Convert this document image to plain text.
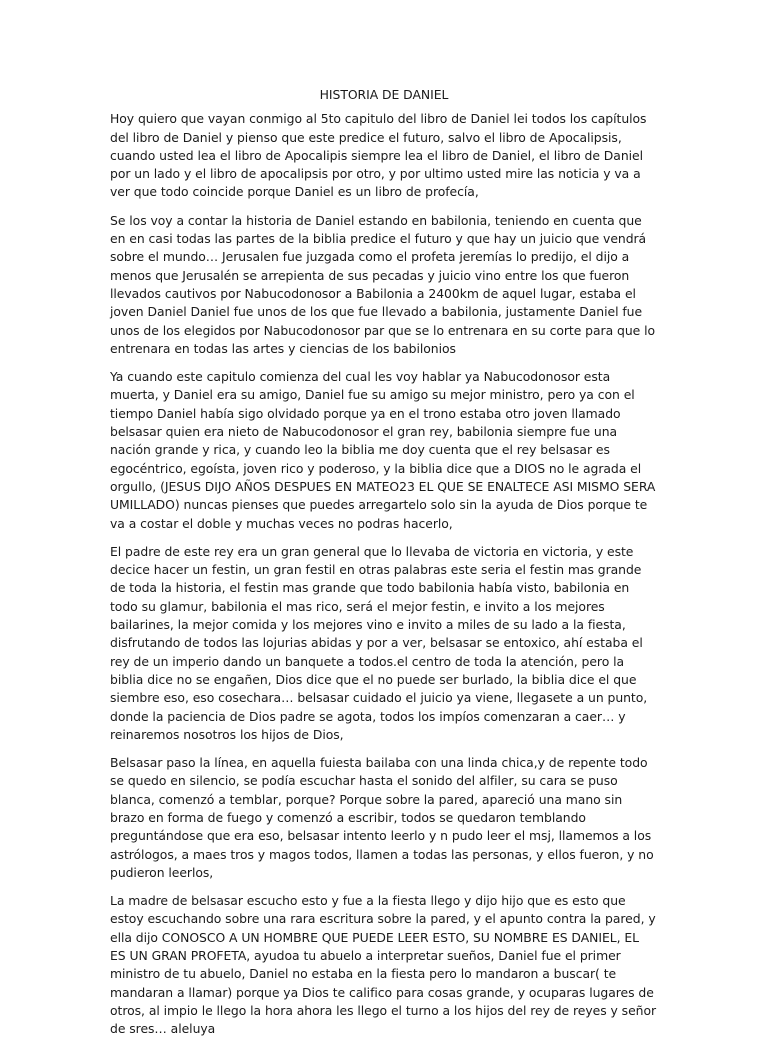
HISTORIA DE DANIEL

Hoy quiero que vayan conmigo al 5to capitulo del libro de Daniel lei todos los capítulos del libro de Daniel y pienso que este predice el futuro, salvo el libro de Apocalipsis, cuando usted lea el libro de Apocalipis siempre lea el libro de Daniel, el libro de Daniel por un lado y el libro de apocalipsis por otro, y por ultimo usted mire las noticia y va a ver que todo coincide porque Daniel es un libro de profecía,

Se los voy a contar la historia de Daniel estando en babilonia, teniendo en cuenta que en en casi todas las partes de la biblia predice el futuro y que hay un juicio que vendrá sobre el mundo… Jerusalen fue juzgada como el profeta jeremías lo predijo, el dijo a menos que Jerusalén se arrepienta de sus pecadas y juicio vino entre los que fueron llevados cautivos por Nabucodonosor a Babilonia a 2400km de aquel lugar, estaba el joven Daniel Daniel fue unos de los que fue llevado a babilonia, justamente Daniel fue unos de los elegidos por Nabucodonosor par que se lo entrenara en su corte para que lo entrenara en todas las artes y ciencias de los babilonios

Ya cuando este capitulo comienza del cual les voy hablar ya Nabucodonosor esta muerta, y Daniel era su amigo, Daniel fue su amigo su mejor ministro, pero ya con el tiempo Daniel había sigo olvidado porque ya en el trono estaba otro joven llamado belsasar quien era nieto de Nabucodonosor el gran rey, babilonia siempre fue una nación grande y rica, y cuando leo la biblia me doy cuenta que el rey belsasar es egocéntrico, egoísta, joven rico y poderoso, y la biblia dice que a DIOS no le agrada el orgullo, (JESUS DIJO AÑOS DESPUES EN MATEO23 EL QUE SE ENALTECE ASI MISMO SERA UMILLADO) nuncas pienses que puedes arregartelo solo sin la ayuda de Dios porque te va a costar el doble y muchas veces no podras hacerlo,

El padre de este rey era un gran general que lo llevaba de victoria en victoria, y este decice hacer un festin, un gran festil en otras palabras este seria el festin mas grande de toda la historia, el festin mas grande que todo babilonia había visto, babilonia en todo su glamur, babilonia el mas rico, será el mejor festin, e invito a los mejores bailarines, la mejor comida y los mejores vino e invito a miles de su lado a la fiesta, disfrutando de todos las lojurias abidas y por a ver, belsasar se entoxico, ahí estaba el rey de un imperio dando un banquete a todos.el centro de toda la atención, pero la biblia dice no se engañen, Dios dice que el no puede ser burlado, la biblia dice el que siembre eso, eso cosechara… belsasar cuidado el juicio ya viene, llegasete a un punto, donde la paciencia de Dios padre se agota, todos los impíos comenzaran a caer… y reinaremos nosotros los hijos de Dios,

Belsasar paso la línea, en aquella fuiesta bailaba con una linda chica,y de repente todo se quedo en silencio, se podía escuchar hasta el sonido del alfiler, su cara se puso blanca, comenzó a temblar, porque? Porque sobre la pared, apareció una mano sin brazo en forma de fuego y comenzó a escribir, todos se quedaron temblando preguntándose que era eso, belsasar intento leerlo y n pudo leer el msj, llamemos a los astrólogos, a maes tros y magos todos, llamen a todas las personas, y ellos fueron, y no pudieron leerlos,

La madre de belsasar escucho esto y fue a la fiesta llego y dijo hijo que es esto que estoy escuchando sobre una rara escritura sobre la pared, y el apunto contra la pared, y ella dijo CONOSCO A UN HOMBRE QUE PUEDE LEER ESTO, SU NOMBRE ES DANIEL, EL ES UN GRAN PROFETA, ayudoa tu abuelo a interpretar sueños, Daniel fue el primer ministro de tu abuelo, Daniel no estaba en la fiesta pero lo mandaron a buscar( te mandaran a llamar) porque ya Dios te califico para cosas grande, y ocuparas lugares de otros, al impio le llego la hora ahora les llego el turno a los hijos del rey de reyes y señor de sres… aleluya
